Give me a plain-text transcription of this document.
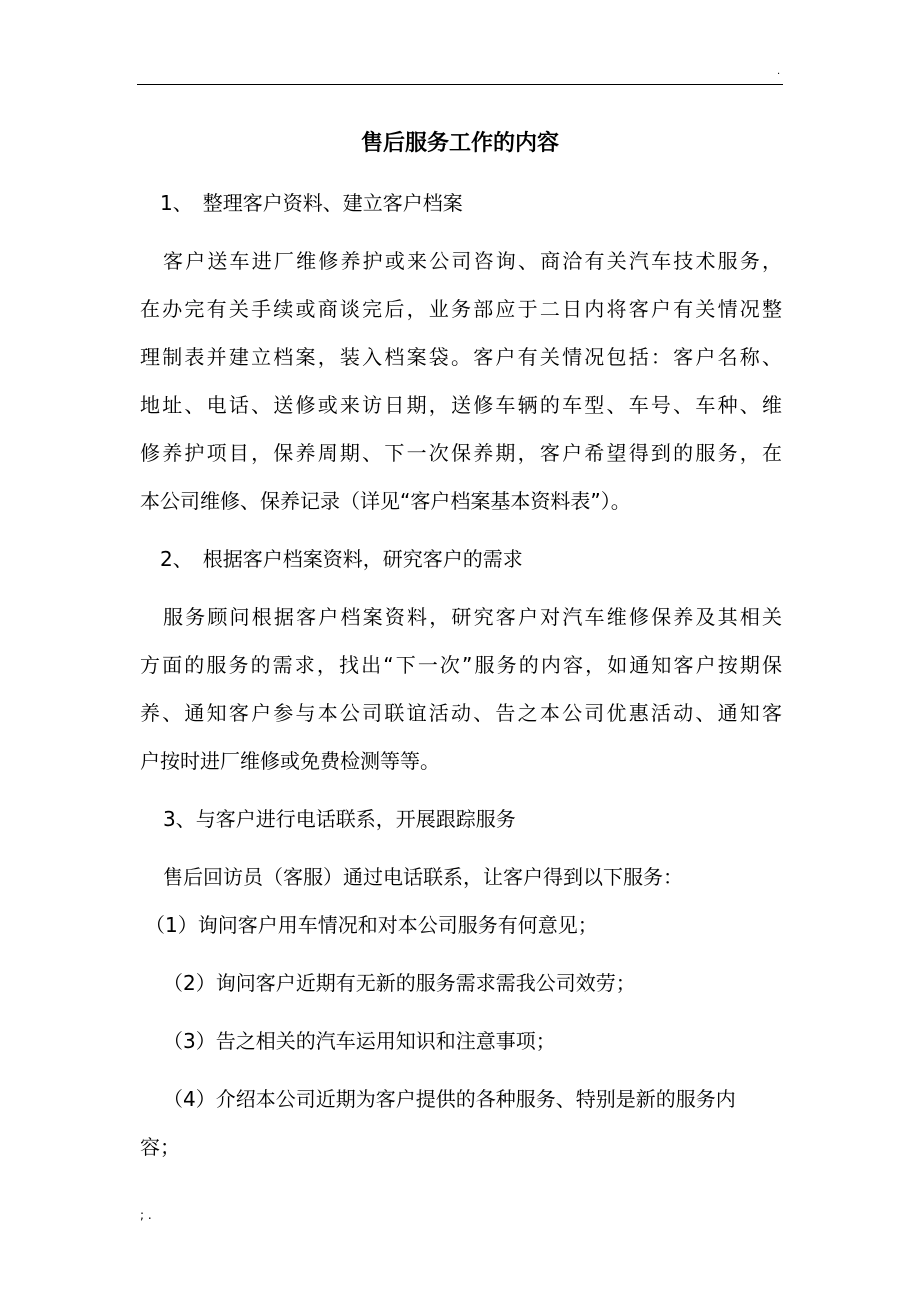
.
售后服务工作的内容
1、　整理客户资料、建立客户档案
客户送车进厂维修养护或来公司咨询、商洽有关汽车技术服务，
在办完有关手续或商谈完后，业务部应于二日内将客户有关情况整
理制表并建立档案，装入档案袋。客户有关情况包括：客户名称、
地址、电话、送修或来访日期，送修车辆的车型、车号、车种、维
修养护项目，保养周期、下一次保养期，客户希望得到的服务，在
本公司维修、保养记录（详见“客户档案基本资料表”）。
2、　根据客户档案资料，研究客户的需求
服务顾问根据客户档案资料，研究客户对汽车维修保养及其相关
方面的服务的需求，找出“下一次”服务的内容，如通知客户按期保
养、通知客户参与本公司联谊活动、告之本公司优惠活动、通知客
户按时进厂维修或免费检测等等。
3、与客户进行电话联系，开展跟踪服务
售后回访员（客服）通过电话联系，让客户得到以下服务：
（1）询问客户用车情况和对本公司服务有何意见；
（2）询问客户近期有无新的服务需求需我公司效劳；
（3）告之相关的汽车运用知识和注意事项；
（4）介绍本公司近期为客户提供的各种服务、特别是新的服务内
容；
; .
